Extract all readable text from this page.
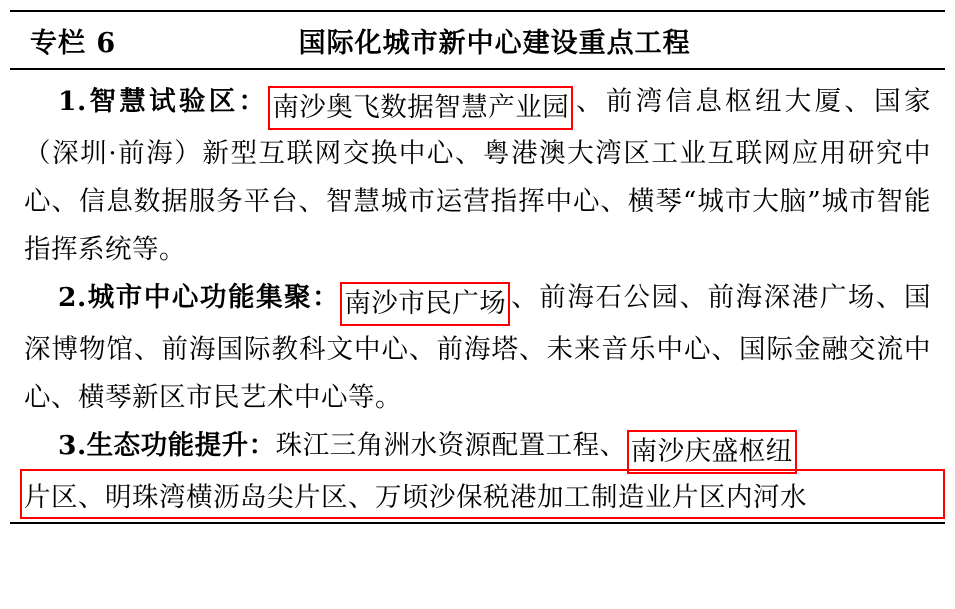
专栏 6	国际化城市新中心建设重点工程

1.智慧试验区： 南沙奥飞数据智慧产业园 、前湾信息枢纽大厦、国家（深圳·前海）新型互联网交换中心、粤港澳大湾区工业互联网应用研究中心、信息数据服务平台、智慧城市运营指挥中心、横琴“城市大脑”城市智能指挥系统等。

2.城市中心功能集聚： 南沙市民广场 、前海石公园、前海深港广场、国深博物馆、前海国际教科文中心、前海塔、未来音乐中心、国际金融交流中心、横琴新区市民艺术中心等。

3.生态功能提升：珠江三角洲水资源配置工程、 南沙庆盛枢纽

片区、明珠湾横沥岛尖片区、万顷沙保税港加工制造业片区内河水
